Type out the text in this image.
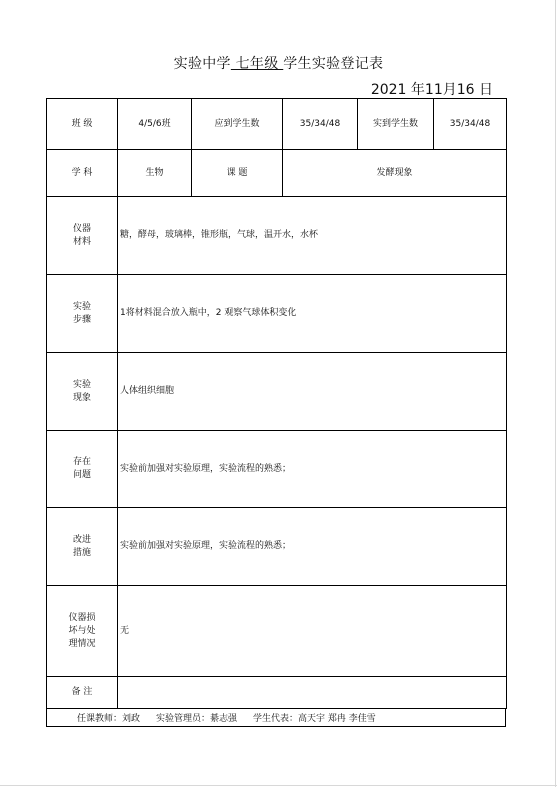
实验中学 七年级 学生实验登记表
2021 年11月16 日
班 级	4/5/6班	应到学生数	35/34/48	实到学生数	35/34/48
学 科	生物	课 题	发酵现象		
仪器
材料	糖，酵母，玻璃棒，锥形瓶，气球，温开水，水杯				
实验
步骤	1将材料混合放入瓶中，2 观察气球体积变化				
实验
现象	人体组织细胞				
存在
问题	实验前加强对实验原理，实验流程的熟悉；				
改进
措施	实验前加强对实验原理，实验流程的熟悉；				
仪器损
坏与处
理情况	无				
备 注					
任课教师：刘政 实验管理员：綦志强 学生代表：高天宇 郑冉 李佳雪
